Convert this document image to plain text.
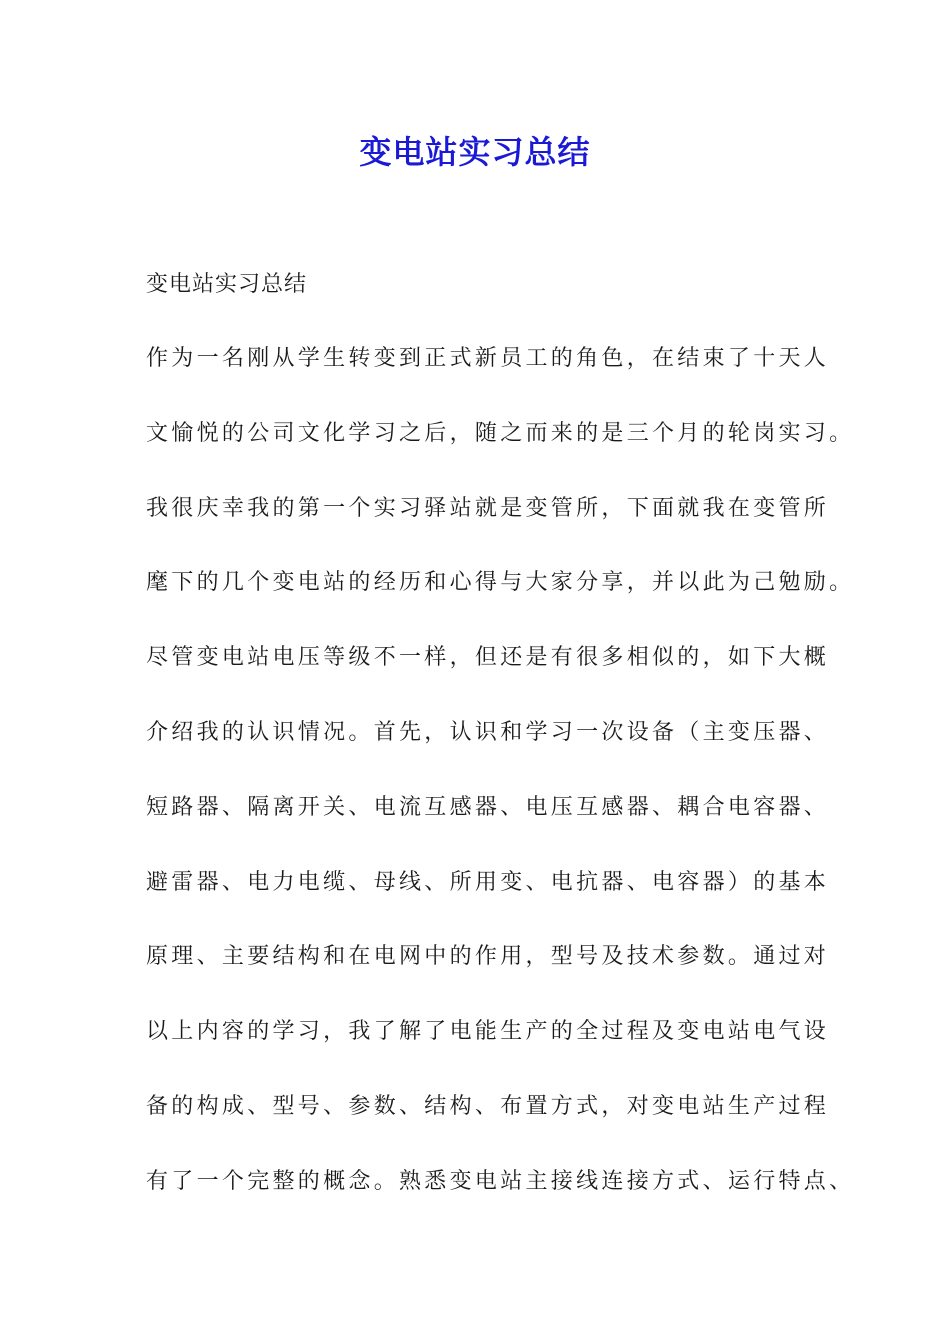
变电站实习总结
变电站实习总结
作为一名刚从学生转变到正式新员工的角色，在结束了十天人
文愉悦的公司文化学习之后，随之而来的是三个月的轮岗实习。
我很庆幸我的第一个实习驿站就是变管所，下面就我在变管所
麾下的几个变电站的经历和心得与大家分享，并以此为己勉励。
尽管变电站电压等级不一样，但还是有很多相似的，如下大概
介绍我的认识情况。首先，认识和学习一次设备（主变压器、
短路器、隔离开关、电流互感器、电压互感器、耦合电容器、
避雷器、电力电缆、母线、所用变、电抗器、电容器）的基本
原理、主要结构和在电网中的作用，型号及技术参数。通过对
以上内容的学习，我了解了电能生产的全过程及变电站电气设
备的构成、型号、参数、结构、布置方式，对变电站生产过程
有了一个完整的概念。熟悉变电站主接线连接方式、运行特点、
